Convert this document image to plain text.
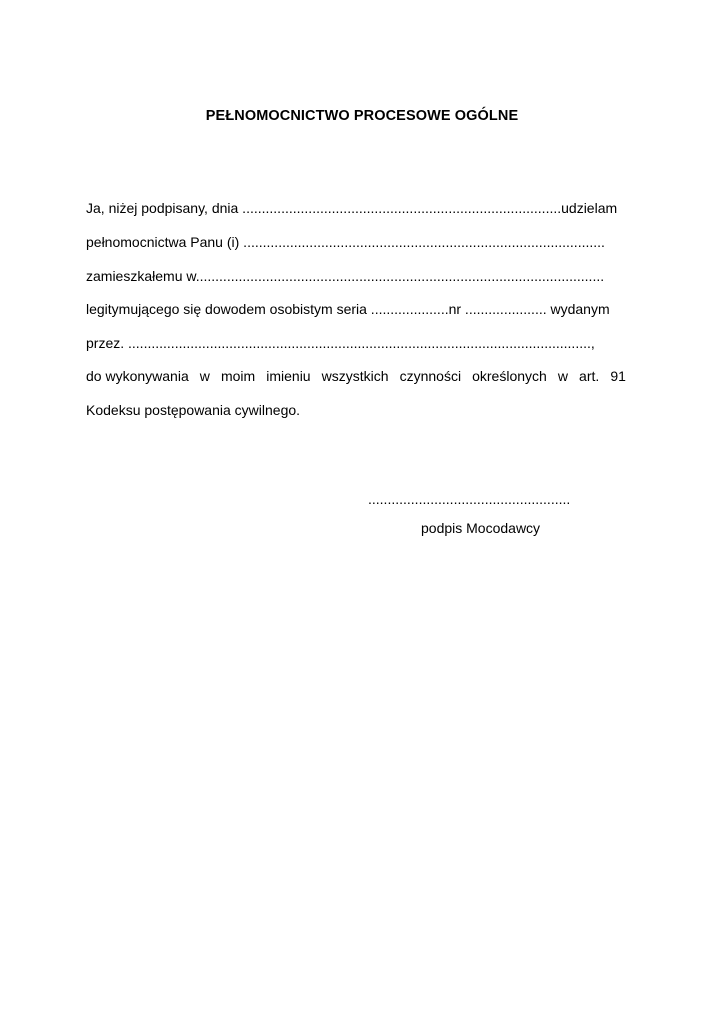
PEŁNOMOCNICTWO PROCESOWE OGÓLNE
Ja, niżej podpisany, dnia ..................................................................................udzielam
pełnomocnictwa Panu (i) .............................................................................................
zamieszkałemu w.........................................................................................................
legitymującego się dowodem osobistym seria ....................nr ..................... wydanym
przez. .......................................................................................................................,
do wykonywania w moim imieniu wszystkich czynności określonych w art. 91
Kodeksu postępowania cywilnego.
....................................................
podpis Mocodawcy
